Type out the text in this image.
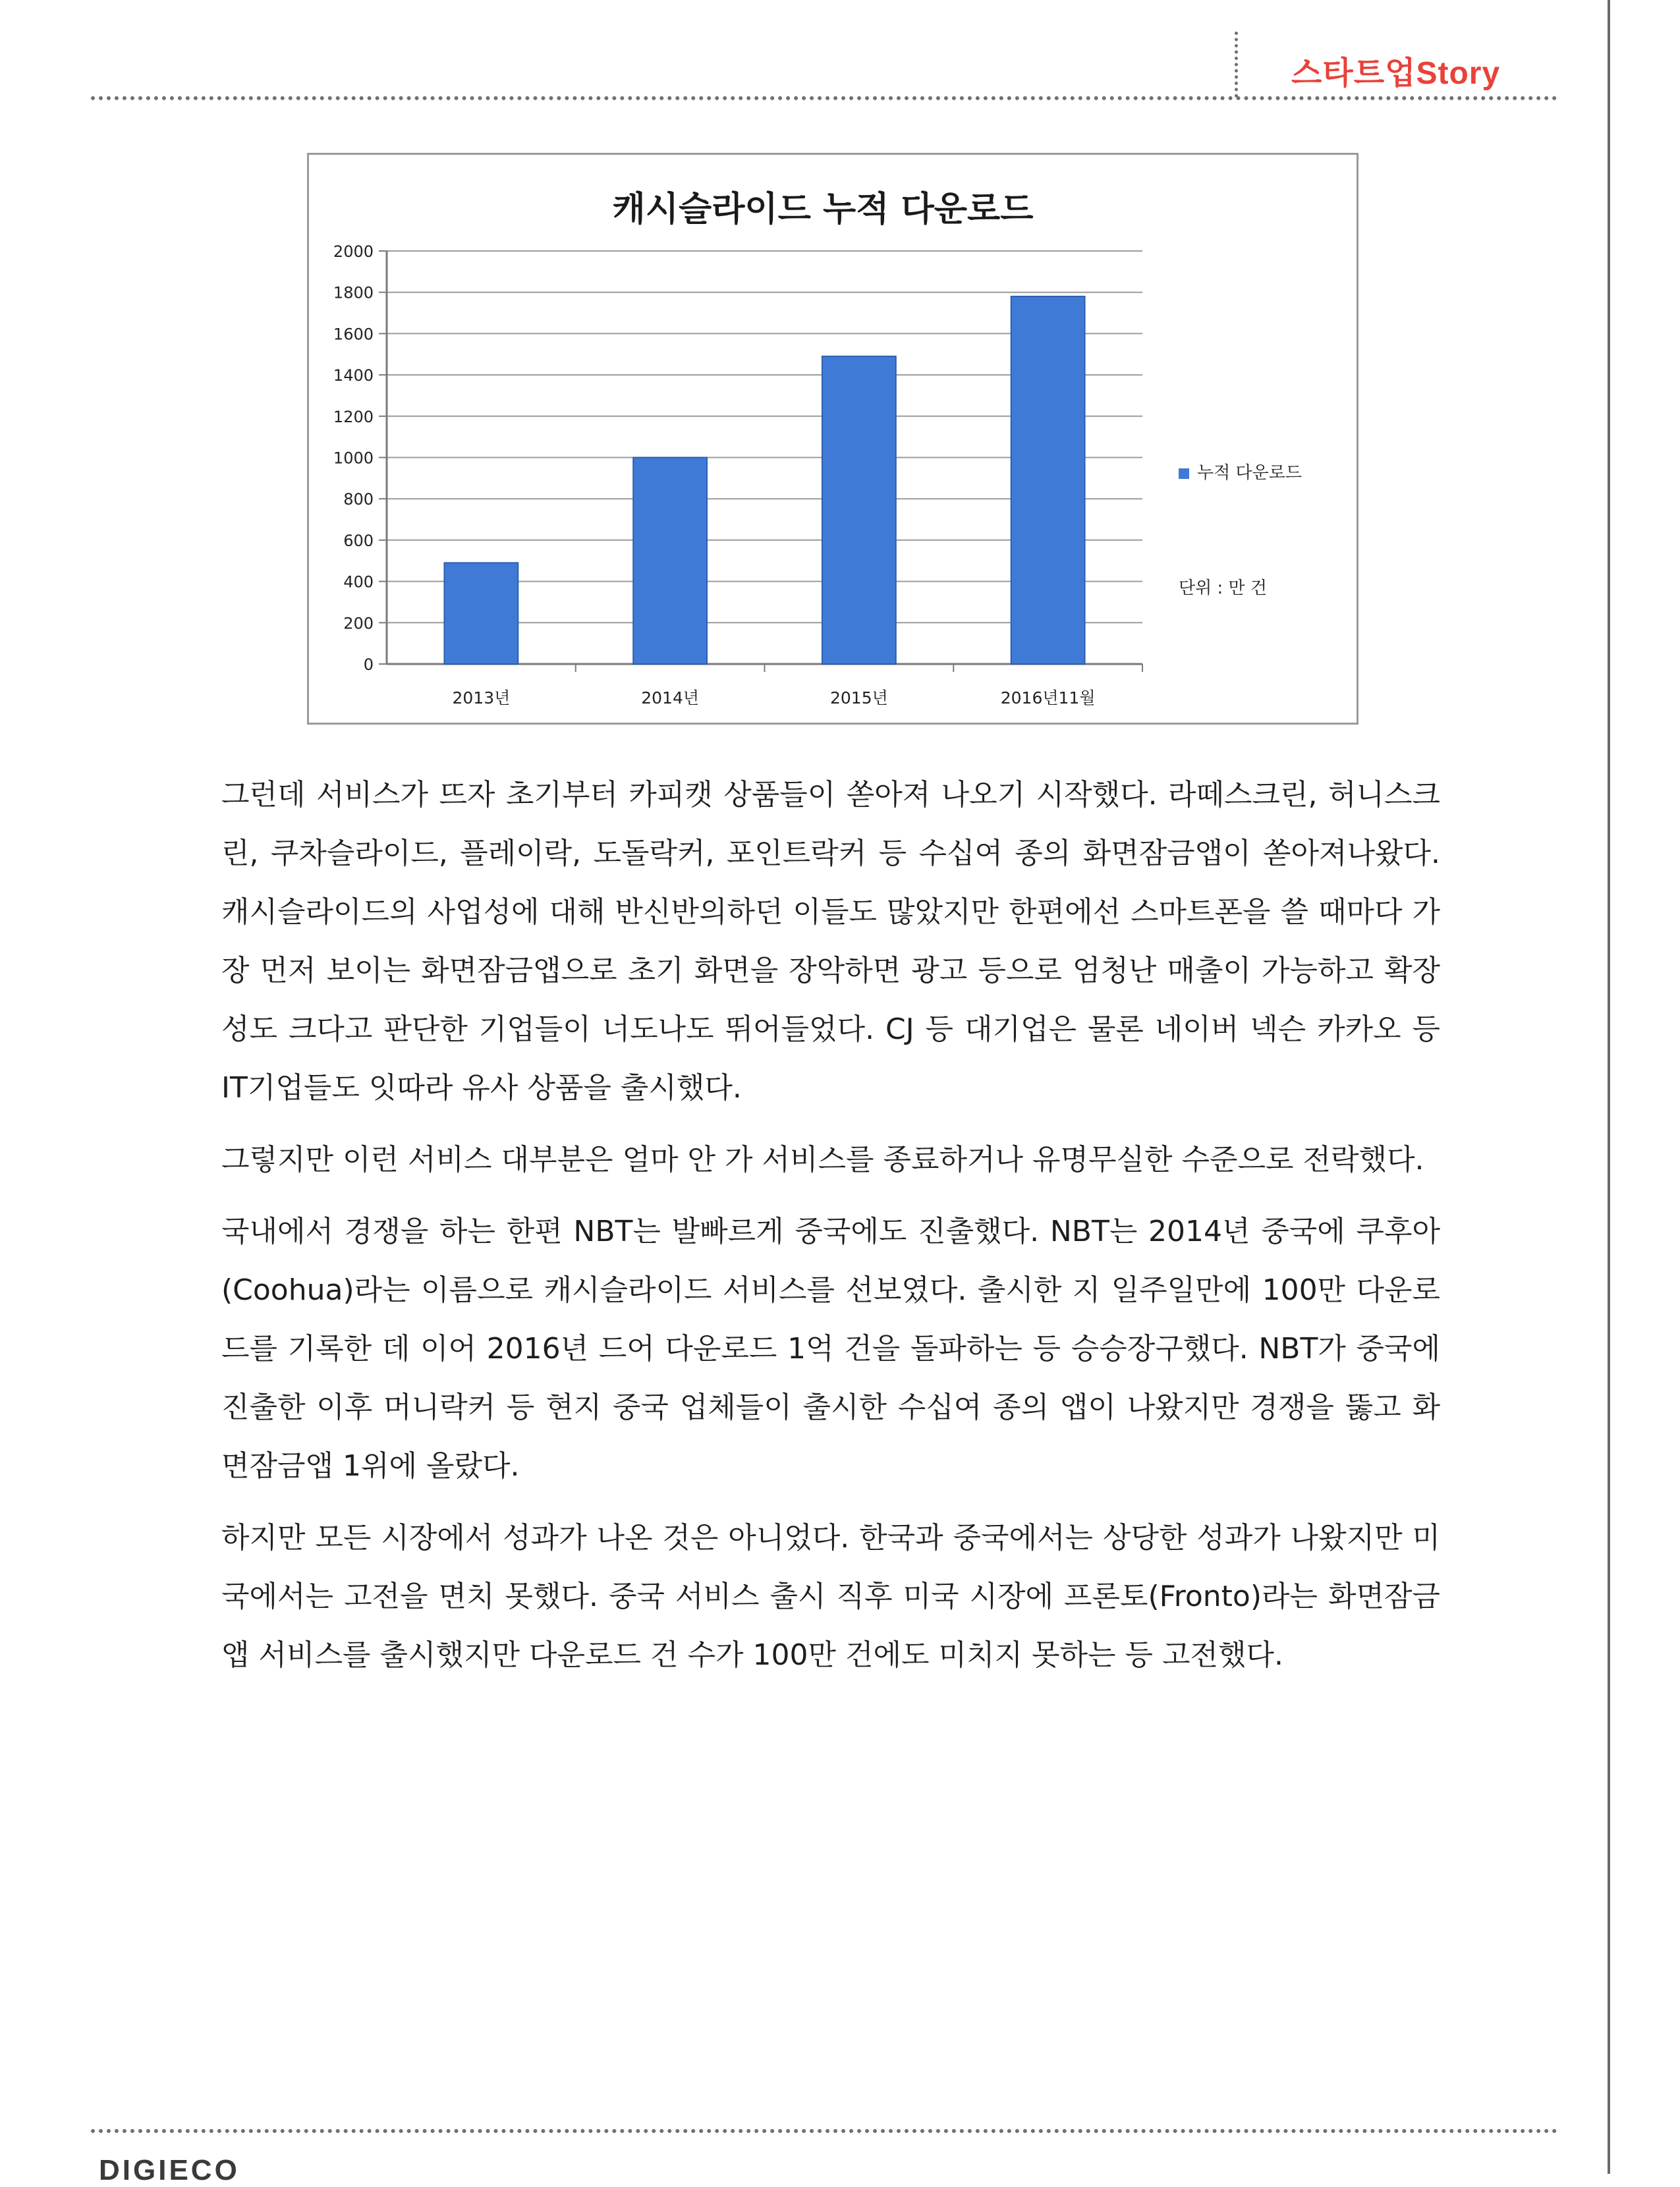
스타트업Story
캐시슬라이드 누적 다운로드
0
200
400
600
800
1000
1200
1400
1600
1800
2000
2013년	2014년	2015년	2016년11월
누적 다운로드
단위 : 만 건

그런데 서비스가 뜨자 초기부터 카피캣 상품들이 쏟아져 나오기 시작했다. 라떼스크린, 허니스크린, 쿠차슬라이드, 플레이락, 도돌락커, 포인트락커 등 수십여 종의 화면잠금앱이 쏟아져나왔다. 캐시슬라이드의 사업성에 대해 반신반의하던 이들도 많았지만 한편에선 스마트폰을 쓸 때마다 가장 먼저 보이는 화면잠금앱으로 초기 화면을 장악하면 광고 등으로 엄청난 매출이 가능하고 확장성도 크다고 판단한 기업들이 너도나도 뛰어들었다. CJ 등 대기업은 물론 네이버 넥슨 카카오 등 IT기업들도 잇따라 유사 상품을 출시했다.

그렇지만 이런 서비스 대부분은 얼마 안 가 서비스를 종료하거나 유명무실한 수준으로 전락했다.

국내에서 경쟁을 하는 한편 NBT는 발빠르게 중국에도 진출했다. NBT는 2014년 중국에 쿠후아(Coohua)라는 이름으로 캐시슬라이드 서비스를 선보였다. 출시한 지 일주일만에 100만 다운로드를 기록한 데 이어 2016년 드어 다운로드 1억 건을 돌파하는 등 승승장구했다. NBT가 중국에 진출한 이후 머니락커 등 현지 중국 업체들이 출시한 수십여 종의 앱이 나왔지만 경쟁을 뚫고 화면잠금앱 1위에 올랐다.

하지만 모든 시장에서 성과가 나온 것은 아니었다. 한국과 중국에서는 상당한 성과가 나왔지만 미국에서는 고전을 면치 못했다. 중국 서비스 출시 직후 미국 시장에 프론토(Fronto)라는 화면잠금앱 서비스를 출시했지만 다운로드 건 수가 100만 건에도 미치지 못하는 등 고전했다.

DIGIECO
